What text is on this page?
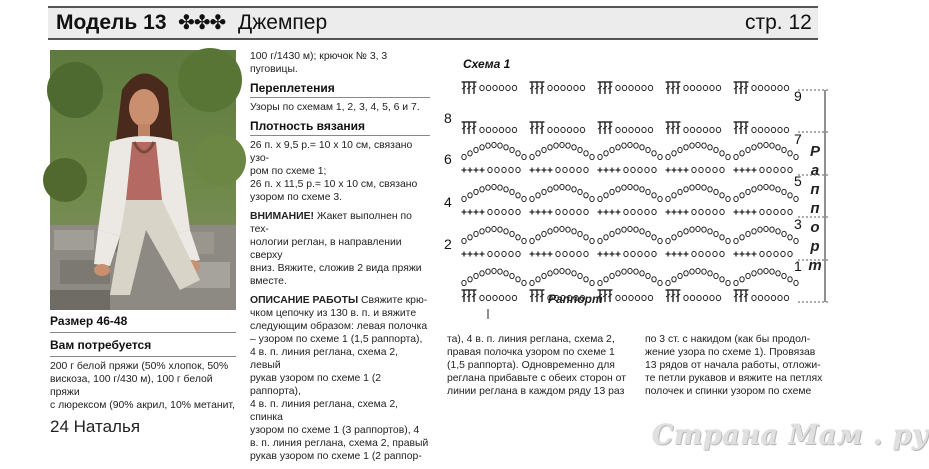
Модель 13 ✤✤✤ Джемпер	стр. 12
Размер 46-48
Вам потребуется
200 г белой пряжи (50% хлопок, 50%
вискоза, 100 г/430 м), 100 г белой пряжи
с люрексом (90% акрил, 10% метанит,
24 Наталья

100 г/1430 м); крючок № 3, 3 пуговицы.

Переплетения

Узоры по схемам 1, 2, 3, 4, 5, 6 и 7.

Плотность вязания

26 п. х 9,5 р.= 10 х 10 см, связано узо-
ром по схеме 1;
26 п. х 11,5 р.= 10 х 10 см, связано
узором по схеме 3.

ВНИМАНИЕ! Жакет выполнен по тех-
нологии реглан, в направлении сверху
вниз. Вяжите, сложив 2 вида пряжи
вместе.

ОПИСАНИЕ РАБОТЫ Свяжите крю-
чком цепочку из 130 в. п. и вяжите
следующим образом: левая полочка
– узором по схеме 1 (1,5 раппорта),
4 в. п. линия реглана, схема 2, левый
рукав узором по схеме 1 (2 раппорта),
4 в. п. линия реглана, схема 2, спинка
узором по схеме 1 (3 раппортов), 4
в. п. линия реглана, схема 2, правый
рукав узором по схеме 1 (2 раппор-

та), 4 в. п. линия реглана, схема 2,
правая полочка узором по схеме 1
(1,5 раппорта). Одновременно для
реглана прибавьте с обеих сторон от
линии реглана в каждом ряду 13 раз
по 3 ст. с накидом (как бы продол-
жение узора по схеме 1). Провязав
13 рядов от начала работы, отложи-
те петли рукавов и вяжите на петлях
полочек и спинки узором по схеме
Схема 1
8
6
4
2
9
7
5
3
1
Раппорт
Р
а
п
п
о
р
т
Страна Мам . ру
